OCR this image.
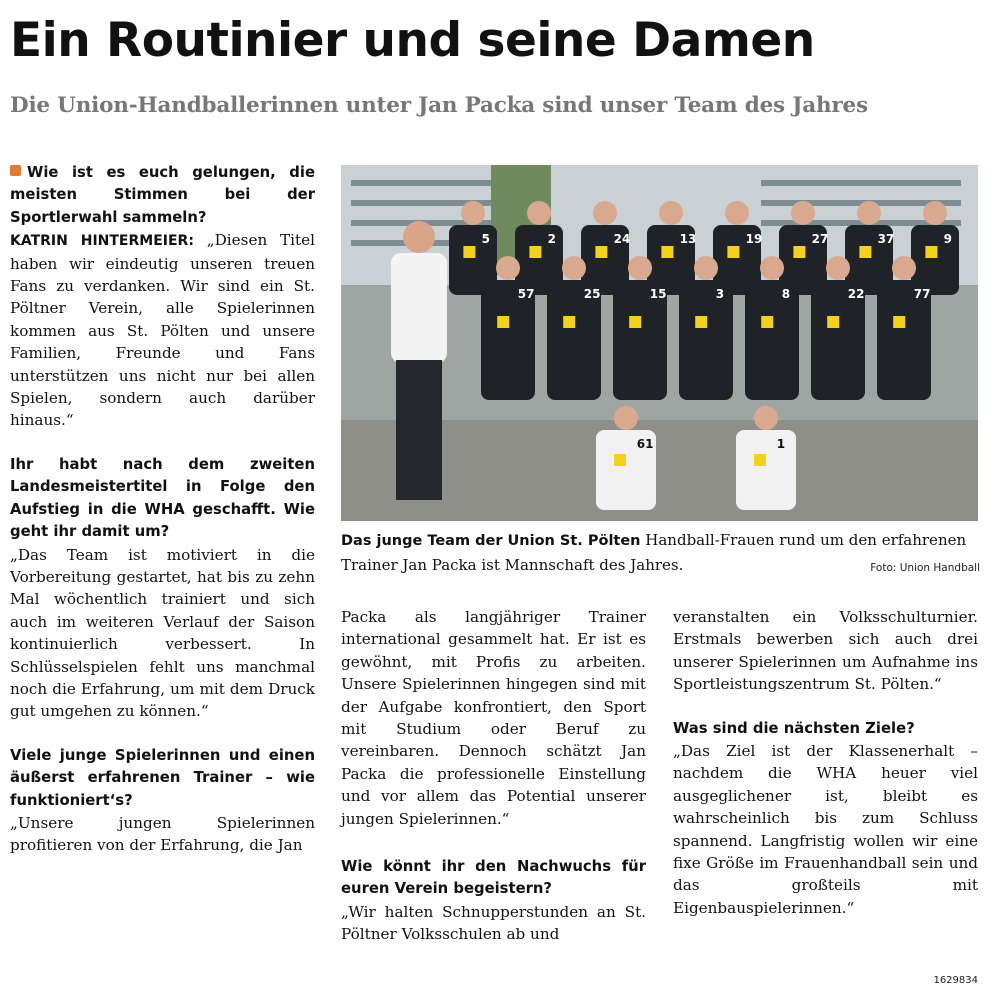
Ein Routinier und seine Damen
Die Union-Handballerinnen unter Jan Packa sind unser Team des Jahres

Wie ist es euch gelungen, die meisten Stimmen bei der Sportlerwahl sammeln?

KATRIN HINTERMEIER: „Diesen Titel haben wir eindeutig unseren treuen Fans zu verdanken. Wir sind ein St. Pöltner Verein, alle Spielerinnen kommen aus St. Pölten und unsere Familien, Freunde und Fans unterstützen uns nicht nur bei allen Spielen, sondern auch darüber hinaus.“

Ihr habt nach dem zweiten Landesmeistertitel in Folge den Aufstieg in die WHA geschafft. Wie geht ihr damit um?

„Das Team ist motiviert in die Vorbereitung gestartet, hat bis zu zehn Mal wöchentlich trainiert und sich auch im weiteren Verlauf der Saison kontinuierlich verbessert. In Schlüsselspielen fehlt uns manchmal noch die Erfahrung, um mit dem Druck gut umgehen zu können.“

Viele junge Spielerinnen und einen äußerst erfahrenen Trainer – wie funktioniert‘s?

„Unsere jungen Spielerinnen profitieren von der Erfahrung, die Jan

Packa als langjähriger Trainer international gesammelt hat. Er ist es gewöhnt, mit Profis zu arbeiten. Unsere Spielerinnen hingegen sind mit der Aufgabe konfrontiert, den Sport mit Studium oder Beruf zu vereinbaren. Dennoch schätzt Jan Packa die professionelle Einstellung und vor allem das Potential unserer jungen Spielerinnen.“

Wie könnt ihr den Nachwuchs für euren Verein begeistern?

„Wir halten Schnupperstunden an St. Pöltner Volksschulen ab und

veranstalten ein Volksschulturnier. Erstmals bewerben sich auch drei unserer Spielerinnen um Aufnahme ins Sportleistungszentrum St. Pölten.“

Was sind die nächsten Ziele?

„Das Ziel ist der Klassenerhalt – nachdem die WHA heuer viel ausgeglichener ist, bleibt es wahrscheinlich bis zum Schluss spannend. Langfristig wollen wir eine fixe Größe im Frauenhandball sein und das großteils mit Eigenbauspielerinnen.“

5	2	24	13	19	27	37	9
57	25	15	3	8	22	77
61	1
Das junge Team der Union St. Pölten Handball-Frauen rund um den erfahrenen Trainer Jan Packa ist Mannschaft des Jahres.	Foto: Union Handball
1629834
